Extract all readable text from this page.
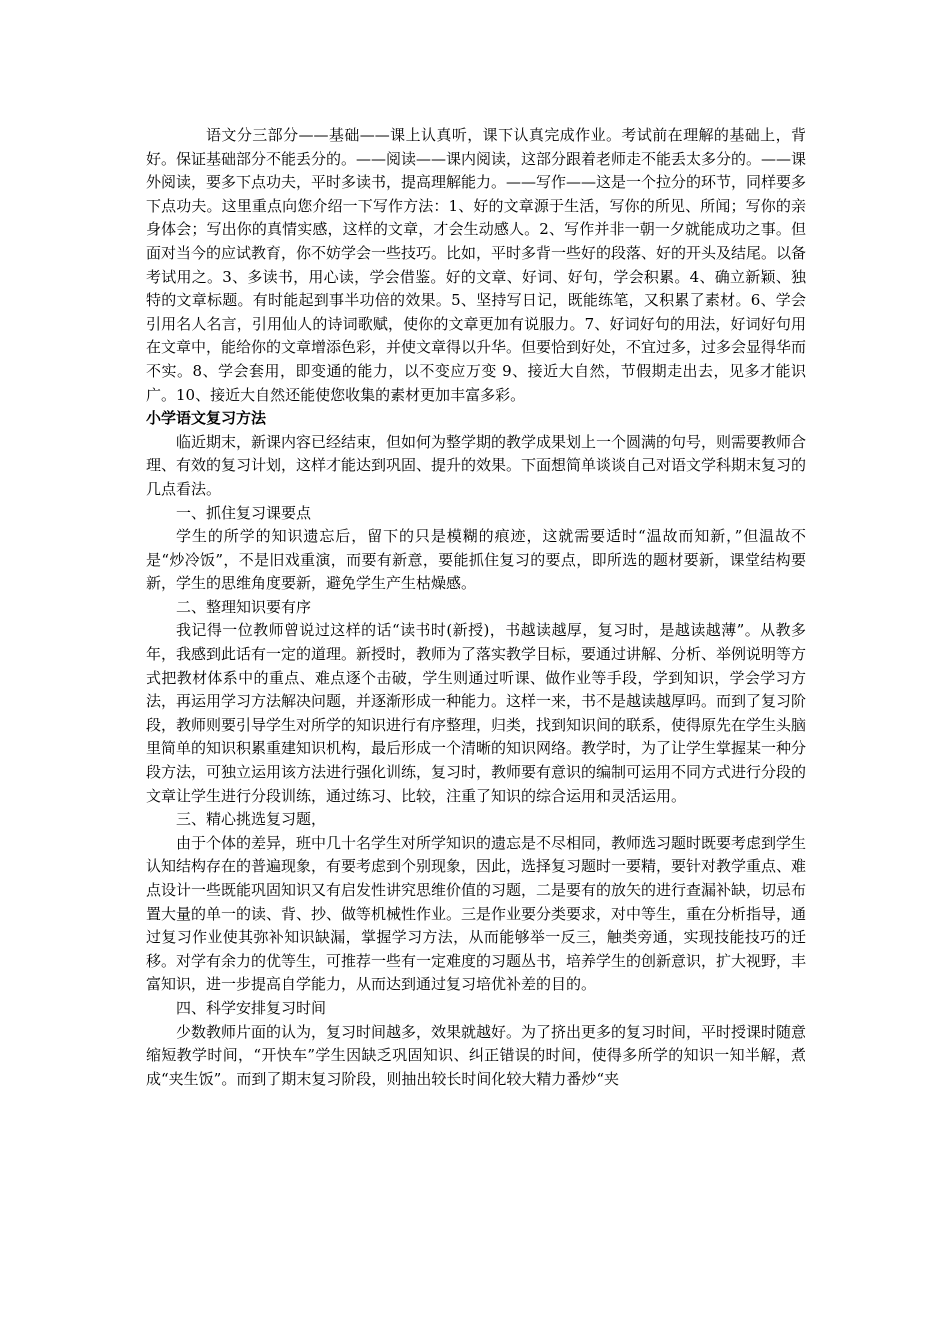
语文分三部分——基础——课上认真听，课下认真完成作业。考试前在理解的基础上，背好。保证基础部分不能丢分的。——阅读——课内阅读，这部分跟着老师走不能丢太多分的。——课外阅读，要多下点功夫，平时多读书，提高理解能力。——写作——这是一个拉分的环节，同样要多下点功夫。这里重点向您介绍一下写作方法：1、好的文章源于生活，写你的所见、所闻；写你的亲身体会；写出你的真情实感，这样的文章，才会生动感人。2、写作并非一朝一夕就能成功之事。但面对当今的应试教育，你不妨学会一些技巧。比如，平时多背一些好的段落、好的开头及结尾。以备考试用之。3、多读书，用心读，学会借鉴。好的文章、好词、好句，学会积累。4、确立新颖、独特的文章标题。有时能起到事半功倍的效果。5、坚持写日记，既能练笔，又积累了素材。6、学会引用名人名言，引用仙人的诗词歌赋，使你的文章更加有说服力。7、好词好句的用法，好词好句用在文章中，能给你的文章增添色彩，并使文章得以升华。但要恰到好处，不宜过多，过多会显得华而不实。8、学会套用，即变通的能力，以不变应万变 9、接近大自然，节假期走出去，见多才能识广。10、接近大自然还能使您收集的素材更加丰富多彩。

小学语文复习方法

临近期末，新课内容已经结束，但如何为整学期的教学成果划上一个圆满的句号，则需要教师合理、有效的复习计划，这样才能达到巩固、提升的效果。下面想简单谈谈自己对语文学科期末复习的几点看法。

一、抓住复习课要点

学生的所学的知识遗忘后，留下的只是模糊的痕迹，这就需要适时“温故而知新，”但温故不是“炒冷饭”，不是旧戏重演，而要有新意，要能抓住复习的要点，即所选的题材要新，课堂结构要新，学生的思维角度要新，避免学生产生枯燥感。

二、整理知识要有序

我记得一位教师曾说过这样的话“读书时(新授)，书越读越厚，复习时，是越读越薄”。从教多年，我感到此话有一定的道理。新授时，教师为了落实教学目标，要通过讲解、分析、举例说明等方式把教材体系中的重点、难点逐个击破，学生则通过听课、做作业等手段，学到知识，学会学习方法，再运用学习方法解决问题，并逐渐形成一种能力。这样一来，书不是越读越厚吗。而到了复习阶段，教师则要引导学生对所学的知识进行有序整理，归类，找到知识间的联系，使得原先在学生头脑里简单的知识积累重建知识机构，最后形成一个清晰的知识网络。教学时，为了让学生掌握某一种分段方法，可独立运用该方法进行强化训练，复习时，教师要有意识的编制可运用不同方式进行分段的文章让学生进行分段训练，通过练习、比较，注重了知识的综合运用和灵活运用。

三、精心挑选复习题，

由于个体的差异，班中几十名学生对所学知识的遗忘是不尽相同，教师选习题时既要考虑到学生认知结构存在的普遍现象，有要考虑到个别现象，因此，选择复习题时一要精，要针对教学重点、难点设计一些既能巩固知识又有启发性讲究思维价值的习题，二是要有的放矢的进行查漏补缺，切忌布置大量的单一的读、背、抄、做等机械性作业。三是作业要分类要求，对中等生，重在分析指导，通过复习作业使其弥补知识缺漏，掌握学习方法，从而能够举一反三，触类旁通，实现技能技巧的迁移。对学有余力的优等生，可推荐一些有一定难度的习题丛书，培养学生的创新意识，扩大视野，丰富知识，进一步提高自学能力，从而达到通过复习培优补差的目的。

四、科学安排复习时间

少数教师片面的认为，复习时间越多，效果就越好。为了挤出更多的复习时间，平时授课时随意缩短教学时间，“开快车”学生因缺乏巩固知识、纠正错误的时间，使得多所学的知识一知半解，煮成“夹生饭”。而到了期末复习阶段，则抽出较长时间化较大精力番炒“夹
